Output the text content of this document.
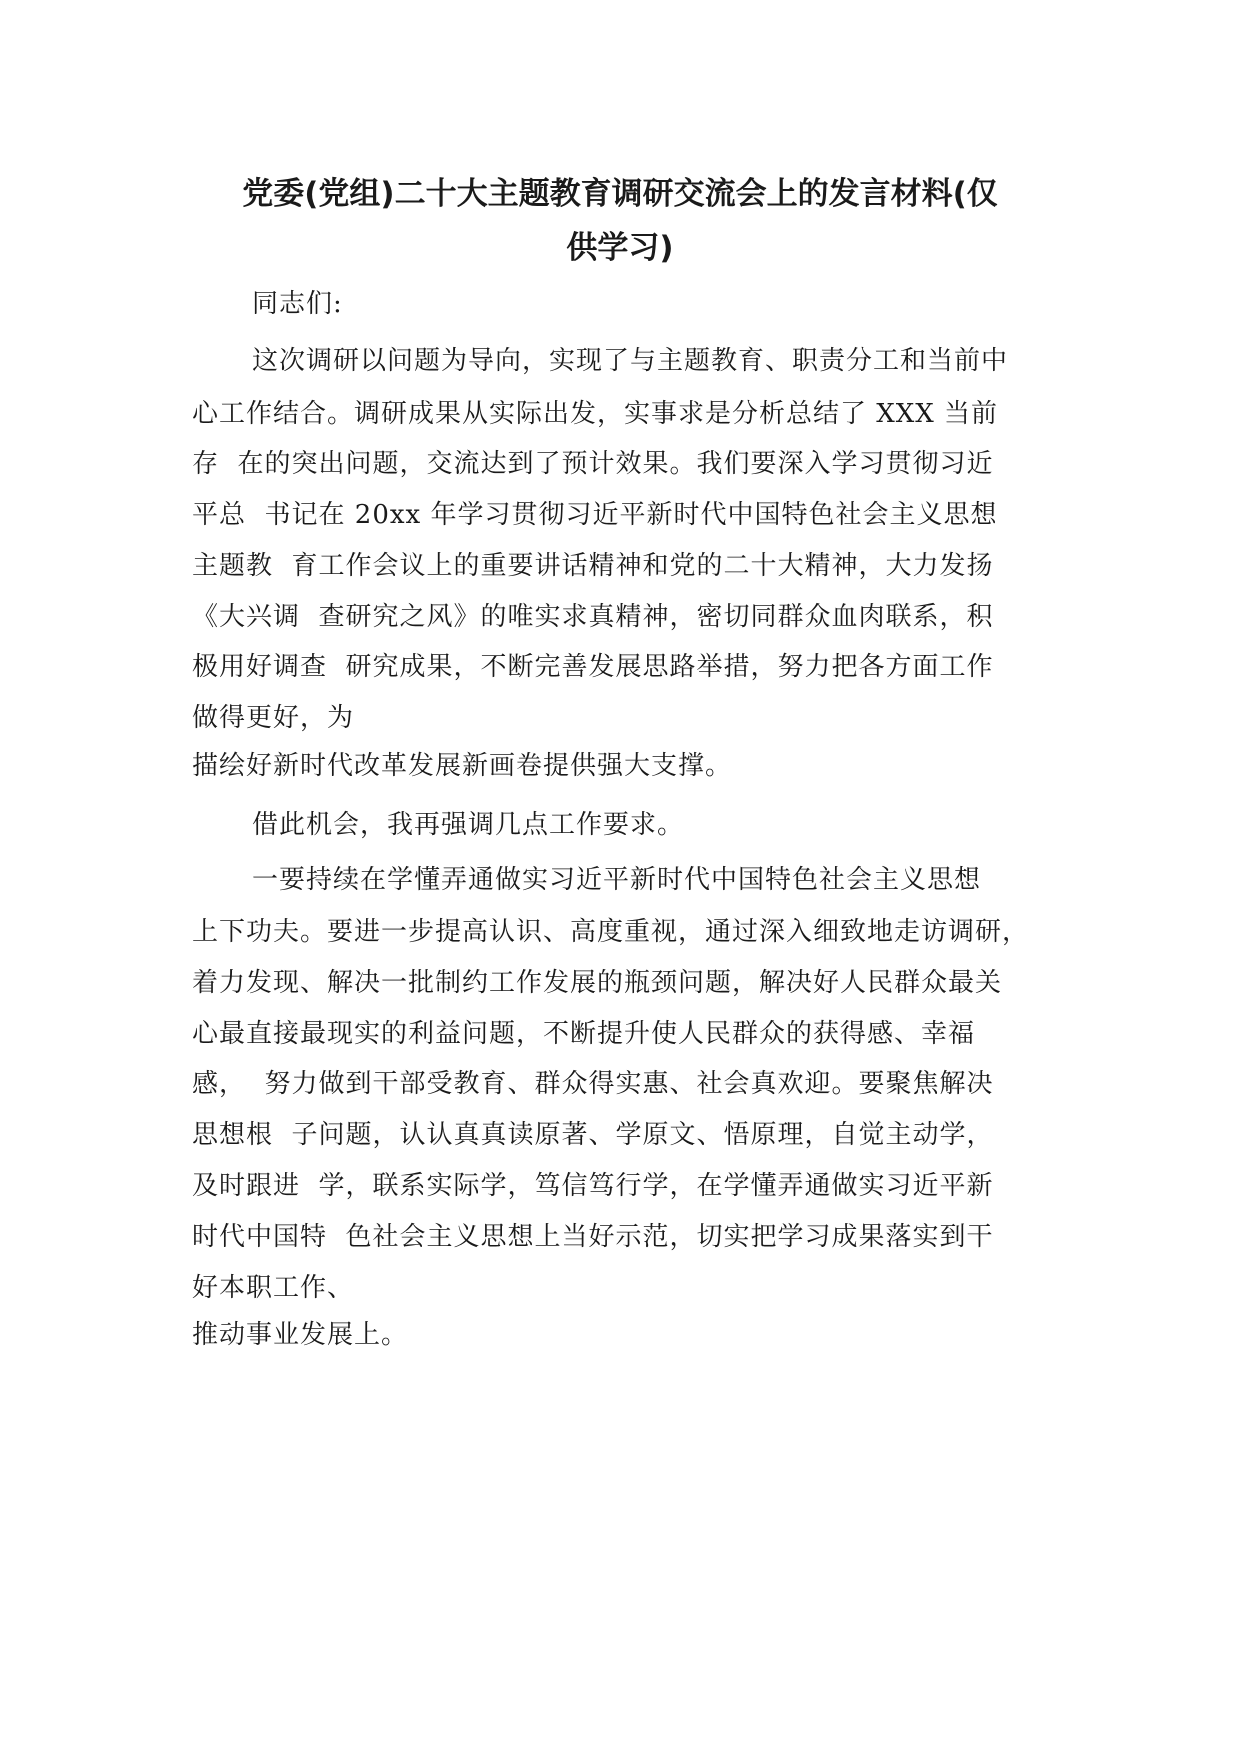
党委(党组)二十大主题教育调研交流会上的发言材料(仅
供学习)

同志们:

这次调研以问题为导向，实现了与主题教育、职责分工和当前中

心工作结合。调研成果从实际出发，实事求是分析总结了 XXX 当前

存  在的突出问题，交流达到了预计效果。我们要深入学习贯彻习近

平总  书记在 20xx 年学习贯彻习近平新时代中国特色社会主义思想

主题教  育工作会议上的重要讲话精神和党的二十大精神，大力发扬

《大兴调  查研究之风》的唯实求真精神，密切同群众血肉联系，积

极用好调查  研究成果，不断完善发展思路举措，努力把各方面工作

做得更好，为

描绘好新时代改革发展新画卷提供强大支撑。

借此机会，我再强调几点工作要求。

一要持续在学懂弄通做实习近平新时代中国特色社会主义思想

上下功夫。要进一步提高认识、高度重视，通过深入细致地走访调研，

着力发现、解决一批制约工作发展的瓶颈问题，解决好人民群众最关

心最直接最现实的利益问题，不断提升使人民群众的获得感、幸福

感，  努力做到干部受教育、群众得实惠、社会真欢迎。要聚焦解决

思想根  子问题，认认真真读原著、学原文、悟原理，自觉主动学，

及时跟进  学，联系实际学，笃信笃行学，在学懂弄通做实习近平新

时代中国特  色社会主义思想上当好示范，切实把学习成果落实到干

好本职工作、

推动事业发展上。
